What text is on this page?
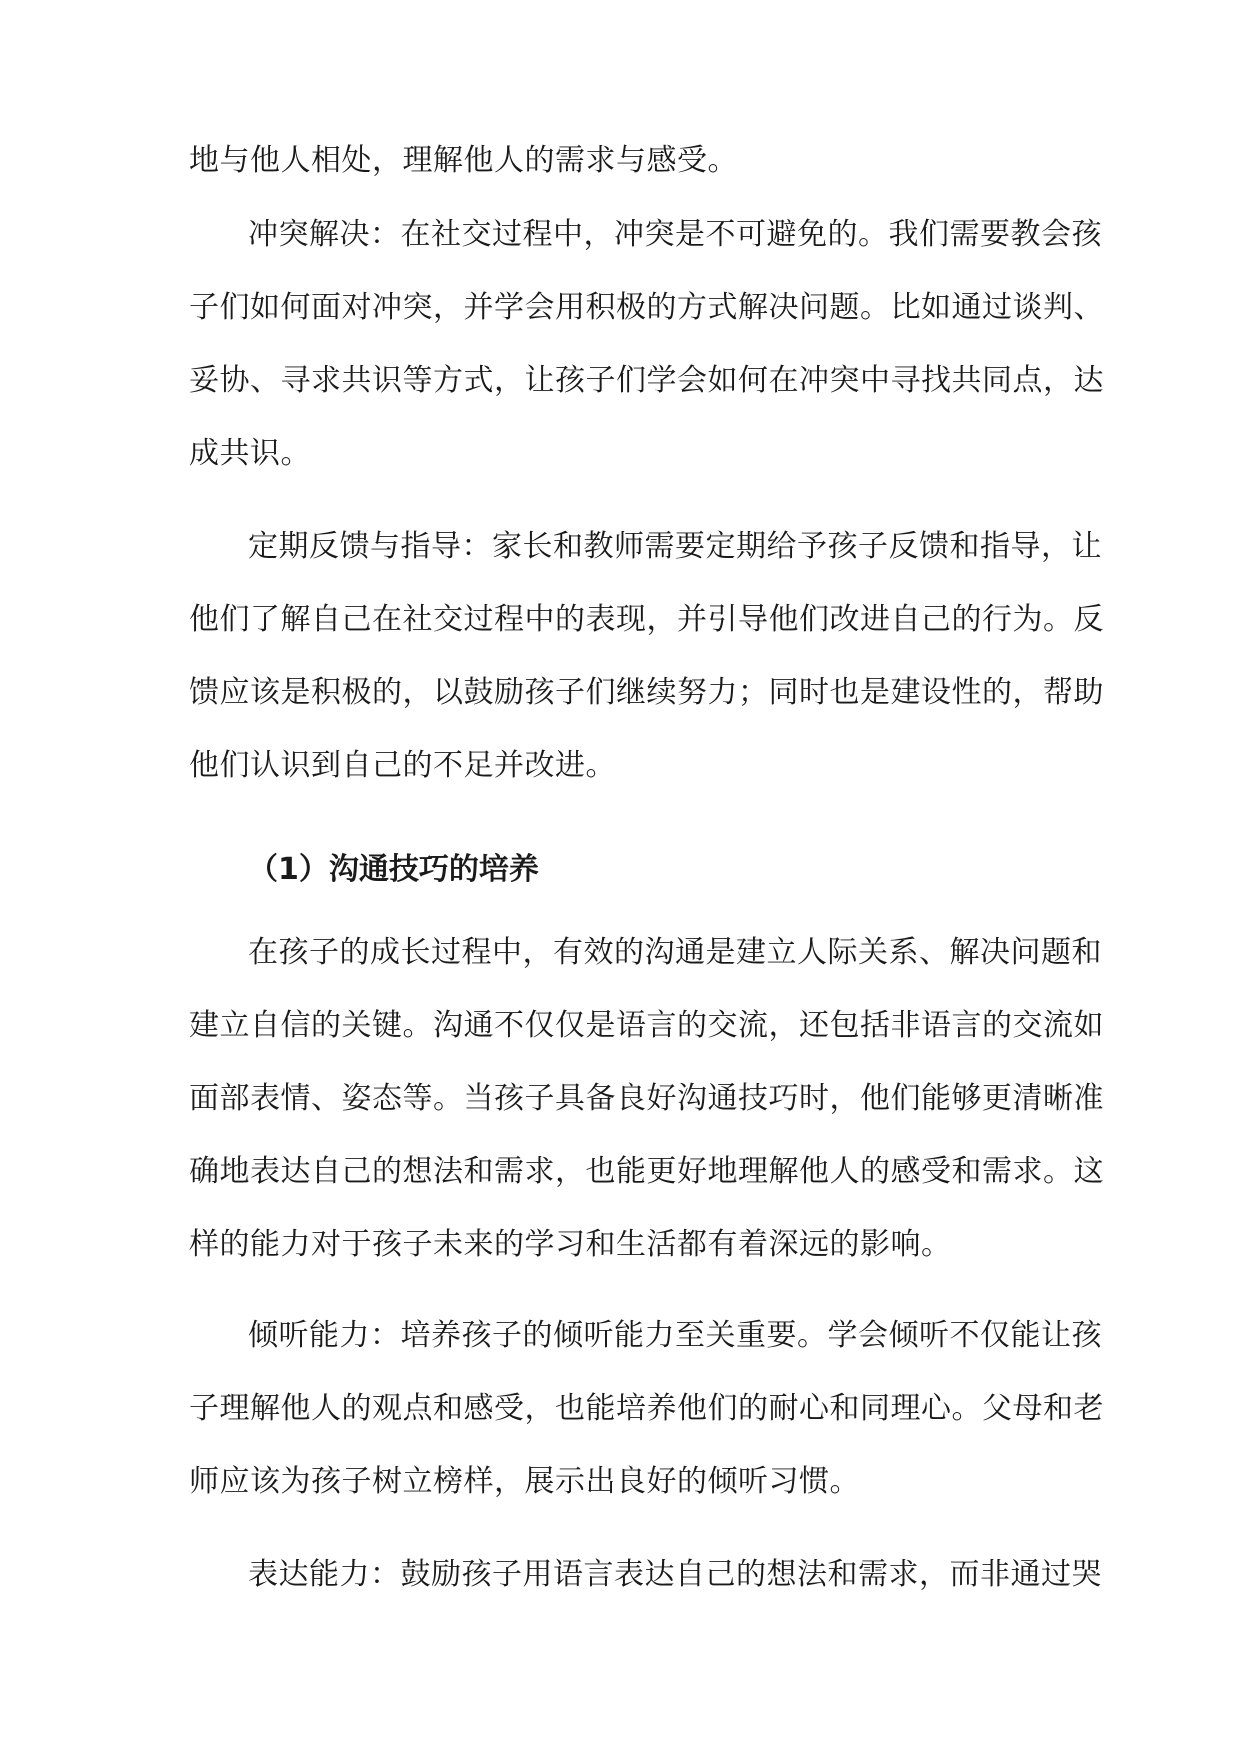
地与他人相处，理解他人的需求与感受。
冲突解决：在社交过程中，冲突是不可避免的。我们需要教会孩
子们如何面对冲突，并学会用积极的方式解决问题。比如通过谈判、
妥协、寻求共识等方式，让孩子们学会如何在冲突中寻找共同点，达
成共识。
定期反馈与指导：家长和教师需要定期给予孩子反馈和指导，让
他们了解自己在社交过程中的表现，并引导他们改进自己的行为。反
馈应该是积极的，以鼓励孩子们继续努力；同时也是建设性的，帮助
他们认识到自己的不足并改进。
（1）沟通技巧的培养
在孩子的成长过程中，有效的沟通是建立人际关系、解决问题和
建立自信的关键。沟通不仅仅是语言的交流，还包括非语言的交流如
面部表情、姿态等。当孩子具备良好沟通技巧时，他们能够更清晰准
确地表达自己的想法和需求，也能更好地理解他人的感受和需求。这
样的能力对于孩子未来的学习和生活都有着深远的影响。
倾听能力：培养孩子的倾听能力至关重要。学会倾听不仅能让孩
子理解他人的观点和感受，也能培养他们的耐心和同理心。父母和老
师应该为孩子树立榜样，展示出良好的倾听习惯。
表达能力：鼓励孩子用语言表达自己的想法和需求，而非通过哭
